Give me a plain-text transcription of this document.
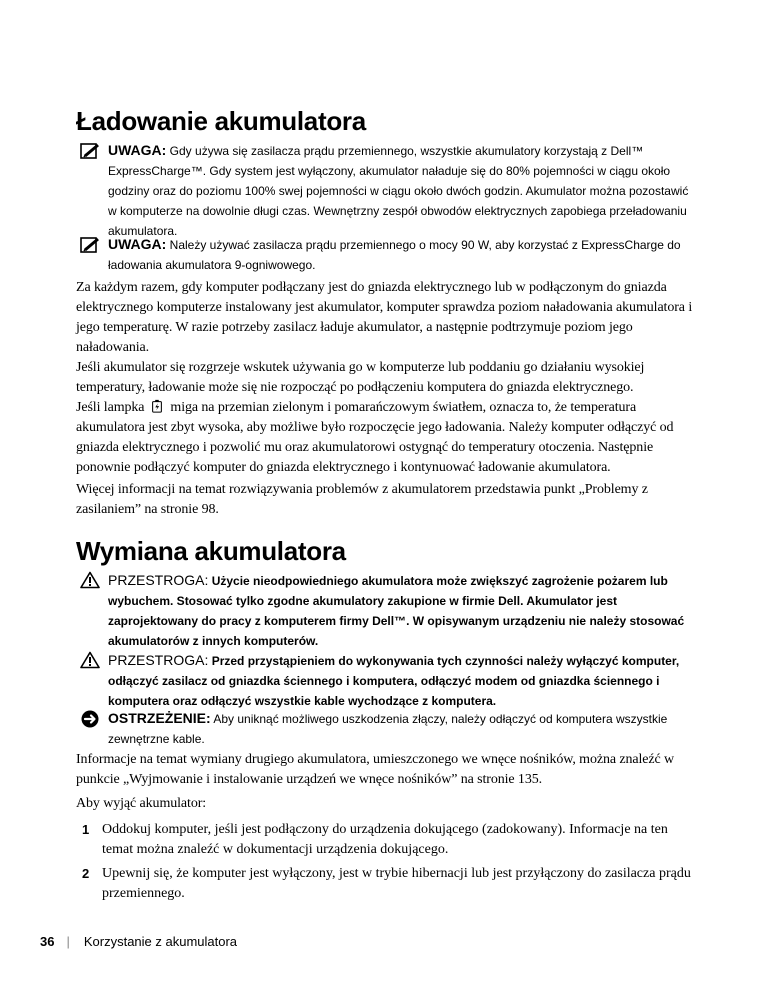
Ładowanie akumulatora
UWAGA: Gdy używa się zasilacza prądu przemiennego, wszystkie akumulatory korzystają z Dell™ ExpressCharge™. Gdy system jest wyłączony, akumulator naładuje się do 80% pojemności w ciągu około godziny oraz do poziomu 100% swej pojemności w ciągu około dwóch godzin. Akumulator można pozostawić w komputerze na dowolnie długi czas. Wewnętrzny zespół obwodów elektrycznych zapobiega przeładowaniu akumulatora.
UWAGA: Należy używać zasilacza prądu przemiennego o mocy 90 W, aby korzystać z ExpressCharge do ładowania akumulatora 9-ogniwowego.

Za każdym razem, gdy komputer podłączany jest do gniazda elektrycznego lub w podłączonym do gniazda elektrycznego komputerze instalowany jest akumulator, komputer sprawdza poziom naładowania akumulatora i jego temperaturę. W razie potrzeby zasilacz ładuje akumulator, a następnie podtrzymuje poziom jego naładowania.

Jeśli akumulator się rozgrzeje wskutek używania go w komputerze lub poddaniu go działaniu wysokiej temperatury, ładowanie może się nie rozpocząć po podłączeniu komputera do gniazda elektrycznego.

Jeśli lampka miga na przemian zielonym i pomarańczowym światłem, oznacza to, że temperatura akumulatora jest zbyt wysoka, aby możliwe było rozpoczęcie jego ładowania. Należy komputer odłączyć od gniazda elektrycznego i pozwolić mu oraz akumulatorowi ostygnąć do temperatury otoczenia. Następnie ponownie podłączyć komputer do gniazda elektrycznego i kontynuować ładowanie akumulatora.

Więcej informacji na temat rozwiązywania problemów z akumulatorem przedstawia punkt „Problemy z zasilaniem” na stronie 98.

Wymiana akumulatora
PRZESTROGA: Użycie nieodpowiedniego akumulatora może zwiększyć zagrożenie pożarem lub wybuchem. Stosować tylko zgodne akumulatory zakupione w firmie Dell. Akumulator jest zaprojektowany do pracy z komputerem firmy Dell™. W opisywanym urządzeniu nie należy stosować akumulatorów z innych komputerów.
PRZESTROGA: Przed przystąpieniem do wykonywania tych czynności należy wyłączyć komputer, odłączyć zasilacz od gniazdka ściennego i komputera, odłączyć modem od gniazdka ściennego i komputera oraz odłączyć wszystkie kable wychodzące z komputera.
OSTRZEŻENIE: Aby uniknąć możliwego uszkodzenia złączy, należy odłączyć od komputera wszystkie zewnętrzne kable.

Informacje na temat wymiany drugiego akumulatora, umieszczonego we wnęce nośników, można znaleźć w punkcie „Wyjmowanie i instalowanie urządzeń we wnęce nośników” na stronie 135.

Aby wyjąć akumulator:

1 Oddokuj komputer, jeśli jest podłączony do urządzenia dokującego (zadokowany). Informacje na ten temat można znaleźć w dokumentacji urządzenia dokującego.
2 Upewnij się, że komputer jest wyłączony, jest w trybie hibernacji lub jest przyłączony do zasilacza prądu przemiennego.
36 | Korzystanie z akumulatora
